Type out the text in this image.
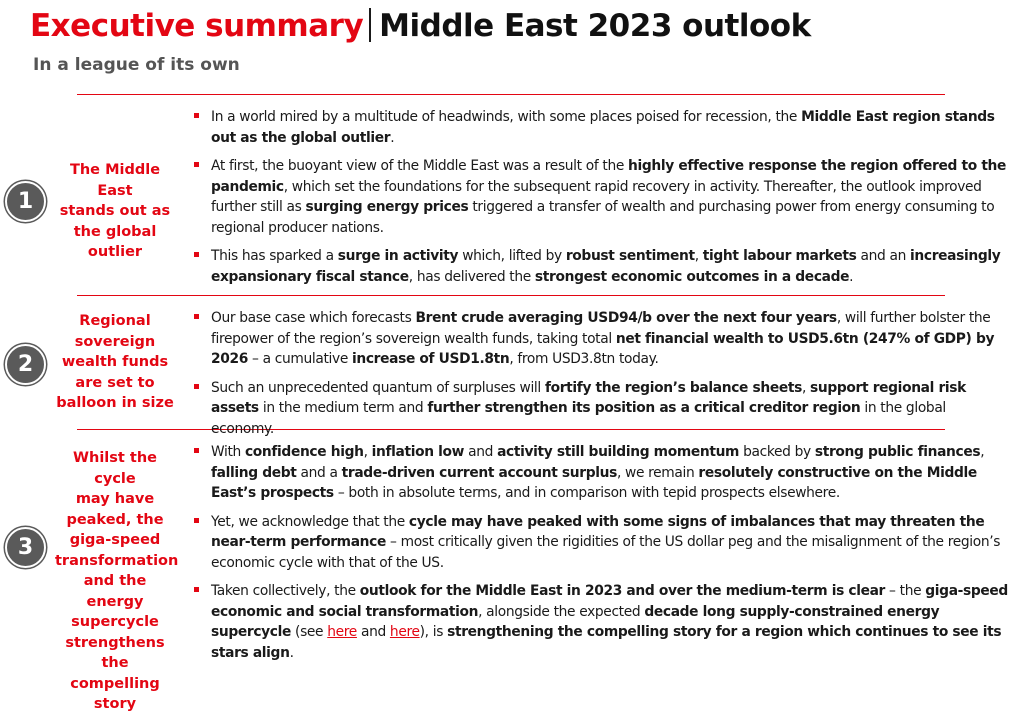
Executive summary Middle East 2023 outlook
In a league of its own
1
The Middle East
stands out as
the global
outlier
In a world mired by a multitude of headwinds, with some places poised for recession, the Middle East region stands out as the global outlier.
At first, the buoyant view of the Middle East was a result of the highly effective response the region offered to the pandemic, which set the foundations for the subsequent rapid recovery in activity. Thereafter, the outlook improved further still as surging energy prices triggered a transfer of wealth and purchasing power from energy consuming to regional producer nations.
This has sparked a surge in activity which, lifted by robust sentiment, tight labour markets and an increasingly expansionary fiscal stance, has delivered the strongest economic outcomes in a decade.
2
Regional
sovereign
wealth funds
are set to
balloon in size
Our base case which forecasts Brent crude averaging USD94/b over the next four years, will further bolster the firepower of the region’s sovereign wealth funds, taking total net financial wealth to USD5.6tn (247% of GDP) by 2026 – a cumulative increase of USD1.8tn, from USD3.8tn today.
Such an unprecedented quantum of surpluses will fortify the region’s balance sheets, support regional risk assets in the medium term and further strengthen its position as a critical creditor region in the global economy.
3
Whilst the cycle
may have
peaked, the
giga-speed
transformation
and the energy
supercycle
strengthens the
compelling
story
With confidence high, inflation low and activity still building momentum backed by strong public finances, falling debt and a trade-driven current account surplus, we remain resolutely constructive on the Middle East’s prospects – both in absolute terms, and in comparison with tepid prospects elsewhere.
Yet, we acknowledge that the cycle may have peaked with some signs of imbalances that may threaten the near-term performance – most critically given the rigidities of the US dollar peg and the misalignment of the region’s economic cycle with that of the US.
Taken collectively, the outlook for the Middle East in 2023 and over the medium-term is clear – the giga-speed economic and social transformation, alongside the expected decade long supply-constrained energy supercycle (see here and here), is strengthening the compelling story for a region which continues to see its stars align.
